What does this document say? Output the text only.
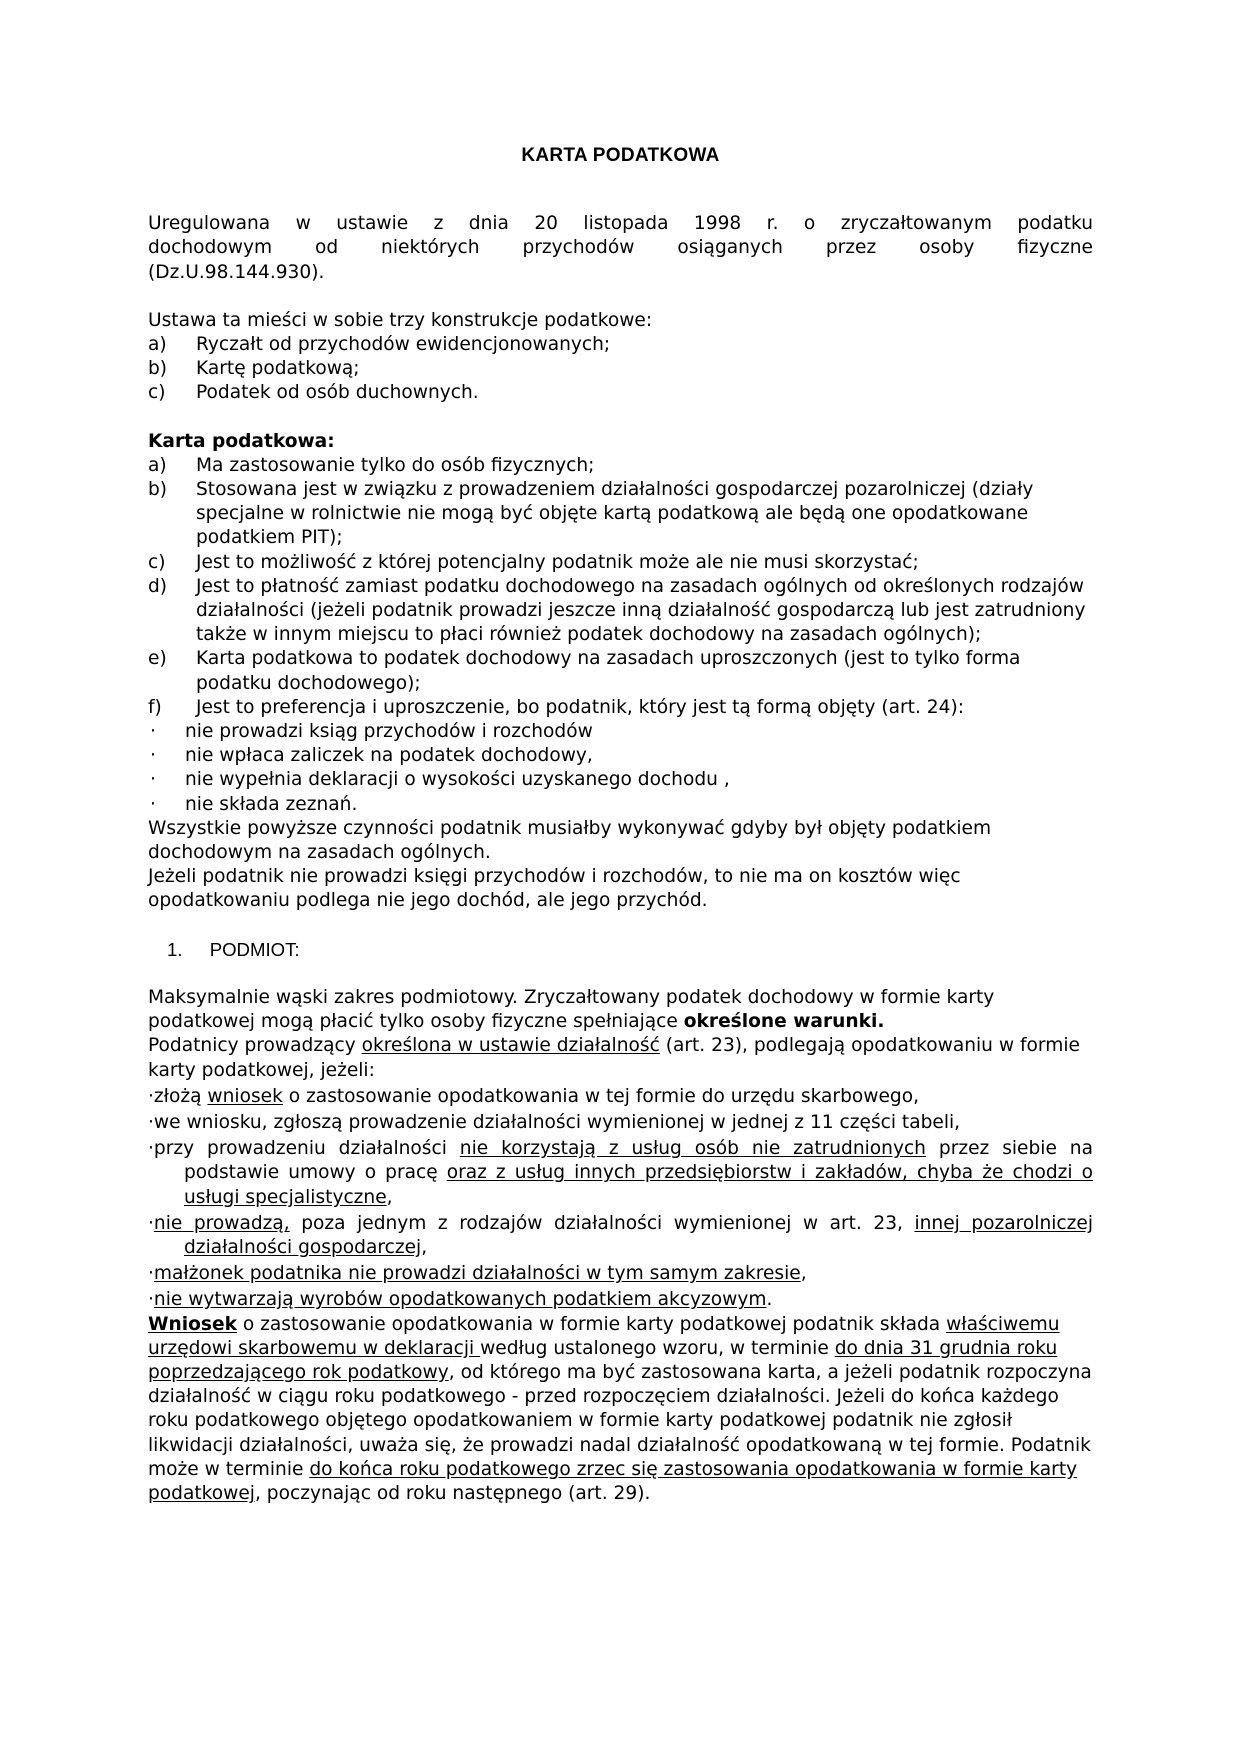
KARTA PODATKOWA

Uregulowana w ustawie z dnia 20 listopada 1998 r. o zryczałtowanym podatku

dochodowym od niektórych przychodów osiąganych przez osoby fizyczne

(Dz.U.98.144.930).

Ustawa ta mieści w sobie trzy konstrukcje podatkowe:

a) Ryczałt od przychodów ewidencjonowanych;
b) Kartę podatkową;
c) Podatek od osób duchownych.

Karta podatkowa:

a) Ma zastosowanie tylko do osób fizycznych;
b) Stosowana jest w związku z prowadzeniem działalności gospodarczej pozarolniczej (działy specjalne w rolnictwie nie mogą być objęte kartą podatkową ale będą one opodatkowane podatkiem PIT);
c) Jest to możliwość z której potencjalny podatnik może ale nie musi skorzystać;
d) Jest to płatność zamiast podatku dochodowego na zasadach ogólnych od określonych rodzajów działalności (jeżeli podatnik prowadzi jeszcze inną działalność gospodarczą lub jest zatrudniony także w innym miejscu to płaci również podatek dochodowy na zasadach ogólnych);
e) Karta podatkowa to podatek dochodowy na zasadach uproszczonych (jest to tylko forma podatku dochodowego);
f) Jest to preferencja i uproszczenie, bo podatnik, który jest tą formą objęty (art. 24):
· nie prowadzi ksiąg przychodów i rozchodów
· nie wpłaca zaliczek na podatek dochodowy,
· nie wypełnia deklaracji o wysokości uzyskanego dochodu ,
· nie składa zeznań.

Wszystkie powyższe czynności podatnik musiałby wykonywać gdyby był objęty podatkiem dochodowym na zasadach ogólnych.

Jeżeli podatnik nie prowadzi księgi przychodów i rozchodów, to nie ma on kosztów więc opodatkowaniu podlega nie jego dochód, ale jego przychód.

1. PODMIOT:

Maksymalnie wąski zakres podmiotowy. Zryczałtowany podatek dochodowy w formie karty podatkowej mogą płacić tylko osoby fizyczne spełniające określone warunki.

Podatnicy prowadzący określona w ustawie działalność (art. 23), podlegają opodatkowaniu w formie karty podatkowej, jeżeli:

·złożą wniosek o zastosowanie opodatkowania w tej formie do urzędu skarbowego,

·we wniosku, zgłoszą prowadzenie działalności wymienionej w jednej z 11 części tabeli,

·przy prowadzeniu działalności nie korzystają z usług osób nie zatrudnionych przez siebie na podstawie umowy o pracę oraz z usług innych przedsiębiorstw i zakładów, chyba że chodzi o usługi specjalistyczne,

·nie prowadzą, poza jednym z rodzajów działalności wymienionej w art. 23, innej pozarolniczej działalności gospodarczej,

·małżonek podatnika nie prowadzi działalności w tym samym zakresie,

·nie wytwarzają wyrobów opodatkowanych podatkiem akcyzowym.

Wniosek o zastosowanie opodatkowania w formie karty podatkowej podatnik składa właściwemu urzędowi skarbowemu w deklaracji według ustalonego wzoru, w terminie do dnia 31 grudnia roku poprzedzającego rok podatkowy, od którego ma być zastosowana karta, a jeżeli podatnik rozpoczyna działalność w ciągu roku podatkowego - przed rozpoczęciem działalności. Jeżeli do końca każdego roku podatkowego objętego opodatkowaniem w formie karty podatkowej podatnik nie zgłosił likwidacji działalności, uważa się, że prowadzi nadal działalność opodatkowaną w tej formie. Podatnik może w terminie do końca roku podatkowego zrzec się zastosowania opodatkowania w formie karty podatkowej, poczynając od roku następnego (art. 29).
